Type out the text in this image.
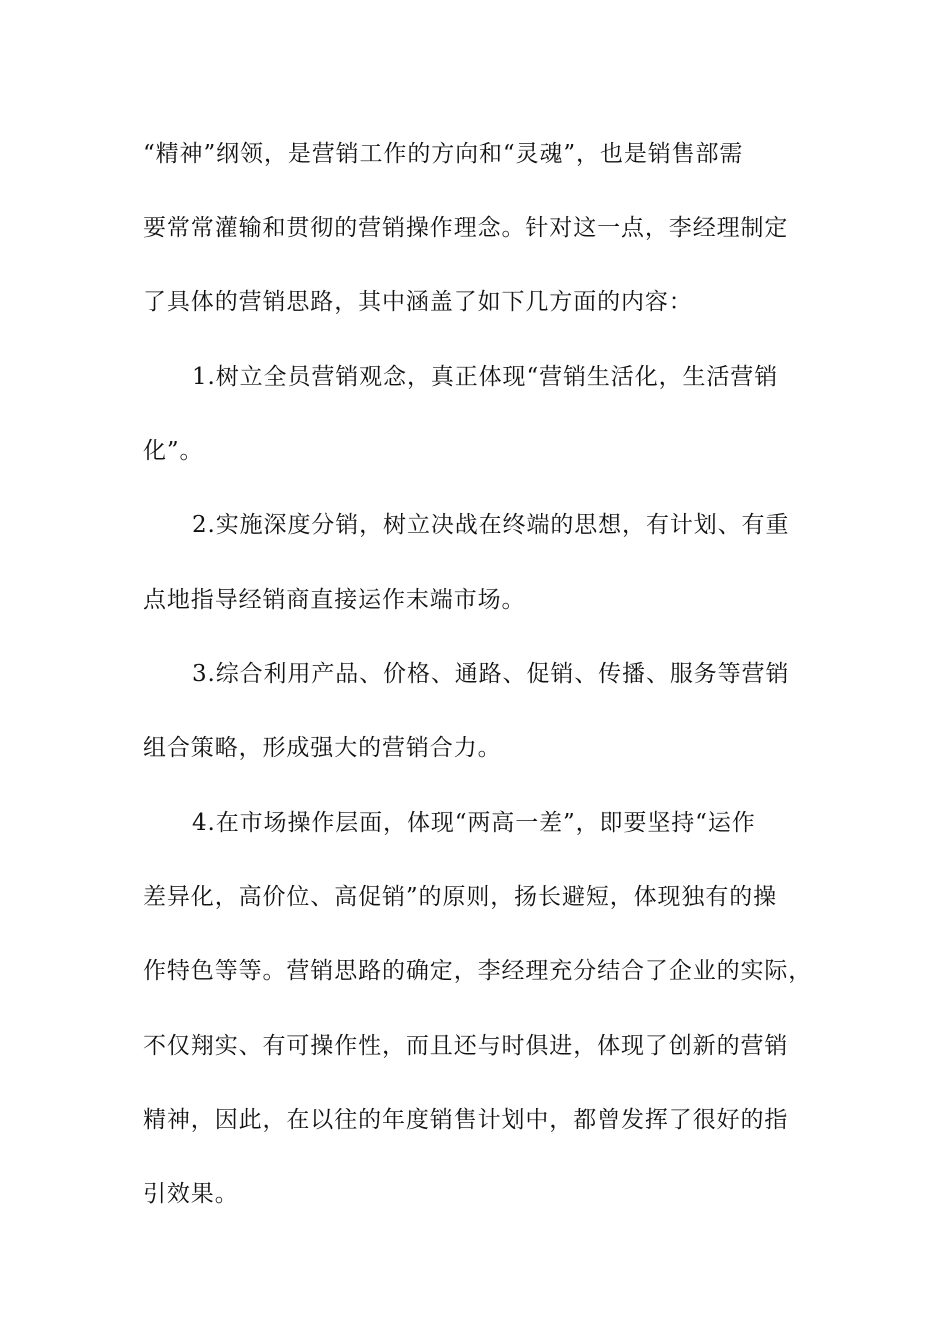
“精神”纲领，是营销工作的方向和“灵魂”，也是销售部需
要常常灌输和贯彻的营销操作理念。针对这一点，李经理制定
了具体的营销思路，其中涵盖了如下几方面的内容：
1.树立全员营销观念，真正体现“营销生活化，生活营销
化”。
2.实施深度分销，树立决战在终端的思想，有计划、有重
点地指导经销商直接运作末端市场。
3.综合利用产品、价格、通路、促销、传播、服务等营销
组合策略，形成强大的营销合力。
4.在市场操作层面，体现“两高一差”，即要坚持“运作
差异化，高价位、高促销”的原则，扬长避短，体现独有的操
作特色等等。营销思路的确定，李经理充分结合了企业的实际，
不仅翔实、有可操作性，而且还与时俱进，体现了创新的营销
精神，因此，在以往的年度销售计划中，都曾发挥了很好的指
引效果。
